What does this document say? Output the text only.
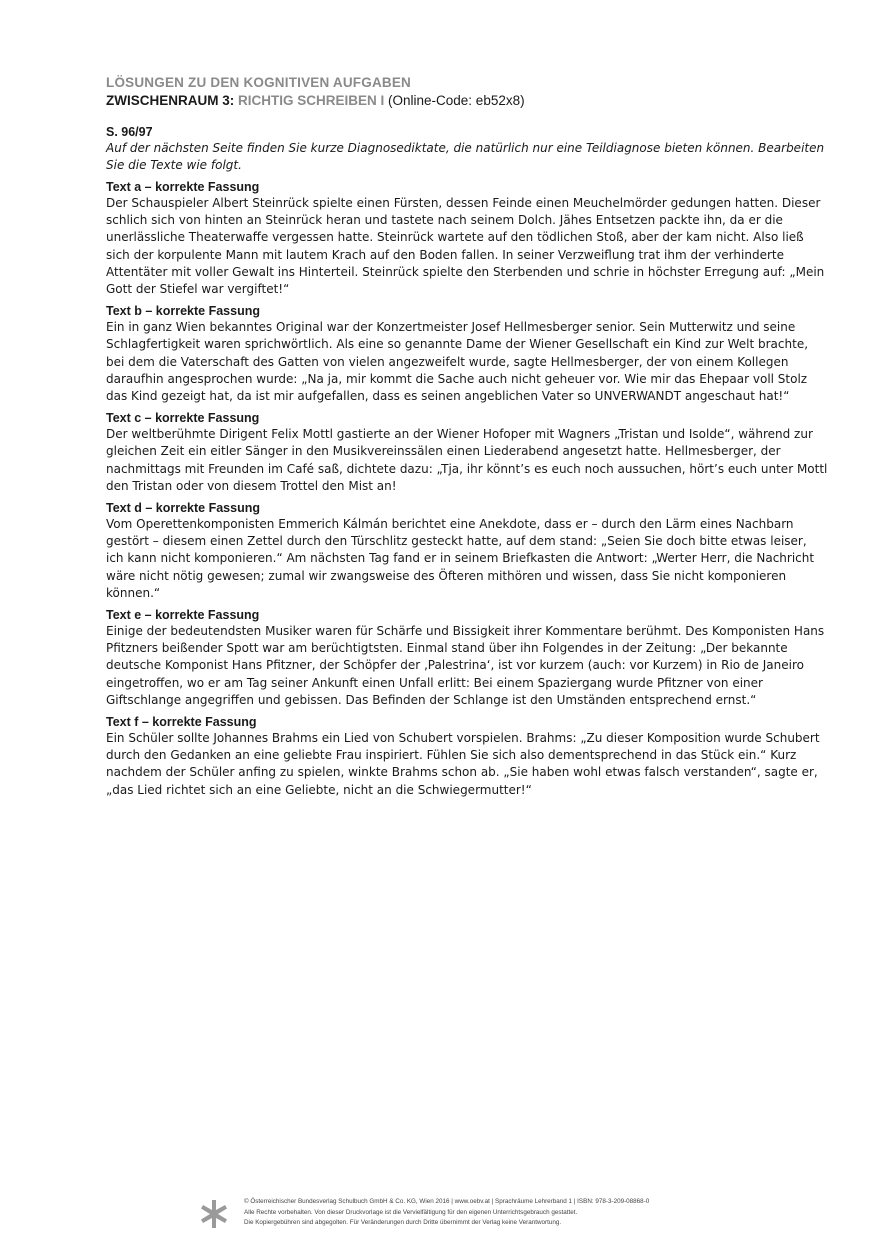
LÖSUNGEN ZU DEN KOGNITIVEN AUFGABEN

ZWISCHENRAUM 3: RICHTIG SCHREIBEN I (Online-Code: eb52x8)

S. 96/97

Auf der nächsten Seite finden Sie kurze Diagnosediktate, die natürlich nur eine Teildiagnose bieten können. Bearbeiten Sie die Texte wie folgt.

Text a – korrekte Fassung

Der Schauspieler Albert Steinrück spielte einen Fürsten, dessen Feinde einen Meuchelmörder gedungen hatten. Dieser schlich sich von hinten an Steinrück heran und tastete nach seinem Dolch. Jähes Entsetzen packte ihn, da er die unerlässliche Theaterwaffe vergessen hatte. Steinrück wartete auf den tödlichen Stoß, aber der kam nicht. Also ließ sich der korpulente Mann mit lautem Krach auf den Boden fallen. In seiner Verzweiflung trat ihm der verhinderte Attentäter mit voller Gewalt ins Hinterteil. Steinrück spielte den Sterbenden und schrie in höchster Erregung auf: „Mein Gott der Stiefel war vergiftet!“

Text b – korrekte Fassung

Ein in ganz Wien bekanntes Original war der Konzertmeister Josef Hellmesberger senior. Sein Mutterwitz und seine Schlagfertigkeit waren sprichwörtlich. Als eine so genannte Dame der Wiener Gesellschaft ein Kind zur Welt brachte, bei dem die Vaterschaft des Gatten von vielen angezweifelt wurde, sagte Hellmesberger, der von einem Kollegen daraufhin angesprochen wurde: „Na ja, mir kommt die Sache auch nicht geheuer vor. Wie mir das Ehepaar voll Stolz das Kind gezeigt hat, da ist mir aufgefallen, dass es seinen angeblichen Vater so UNVERWANDT angeschaut hat!“

Text c – korrekte Fassung

Der weltberühmte Dirigent Felix Mottl gastierte an der Wiener Hofoper mit Wagners „Tristan und Isolde“, während zur gleichen Zeit ein eitler Sänger in den Musikvereinssälen einen Liederabend angesetzt hatte. Hellmesberger, der nachmittags mit Freunden im Café saß, dichtete dazu: „Tja, ihr könnt’s es euch noch aussuchen, hört’s euch unter Mottl den Tristan oder von diesem Trottel den Mist an!

Text d – korrekte Fassung

Vom Operettenkomponisten Emmerich Kálmán berichtet eine Anekdote, dass er – durch den Lärm eines Nachbarn gestört – diesem einen Zettel durch den Türschlitz gesteckt hatte, auf dem stand: „Seien Sie doch bitte etwas leiser, ich kann nicht komponieren.“ Am nächsten Tag fand er in seinem Briefkasten die Antwort: „Werter Herr, die Nachricht wäre nicht nötig gewesen; zumal wir zwangsweise des Öfteren mithören und wissen, dass Sie nicht komponieren können.“

Text e – korrekte Fassung

Einige der bedeutendsten Musiker waren für Schärfe und Bissigkeit ihrer Kommentare berühmt. Des Komponisten Hans Pfitzners beißender Spott war am berüchtigtsten. Einmal stand über ihn Folgendes in der Zeitung: „Der bekannte deutsche Komponist Hans Pfitzner, der Schöpfer der ‚Palestrina‘, ist vor kurzem (auch: vor Kurzem) in Rio de Janeiro eingetroffen, wo er am Tag seiner Ankunft einen Unfall erlitt: Bei einem Spaziergang wurde Pfitzner von einer Giftschlange angegriffen und gebissen. Das Befinden der Schlange ist den Umständen entsprechend ernst.“

Text f – korrekte Fassung

Ein Schüler sollte Johannes Brahms ein Lied von Schubert vorspielen. Brahms: „Zu dieser Komposition wurde Schubert durch den Gedanken an eine geliebte Frau inspiriert. Fühlen Sie sich also dementsprechend in das Stück ein.“ Kurz nachdem der Schüler anfing zu spielen, winkte Brahms schon ab. „Sie haben wohl etwas falsch verstanden“, sagte er, „das Lied richtet sich an eine Geliebte, nicht an die Schwiegermutter!“

© Österreichischer Bundesverlag Schulbuch GmbH & Co. KG, Wien 2016 | www.oebv.at | Sprachräume Lehrerband 1 | ISBN: 978-3-209-08868-0
Alle Rechte vorbehalten. Von dieser Druckvorlage ist die Vervielfältigung für den eigenen Unterrichtsgebrauch gestattet.
Die Kopiergebühren sind abgegolten. Für Veränderungen durch Dritte übernimmt der Verlag keine Verantwortung.
